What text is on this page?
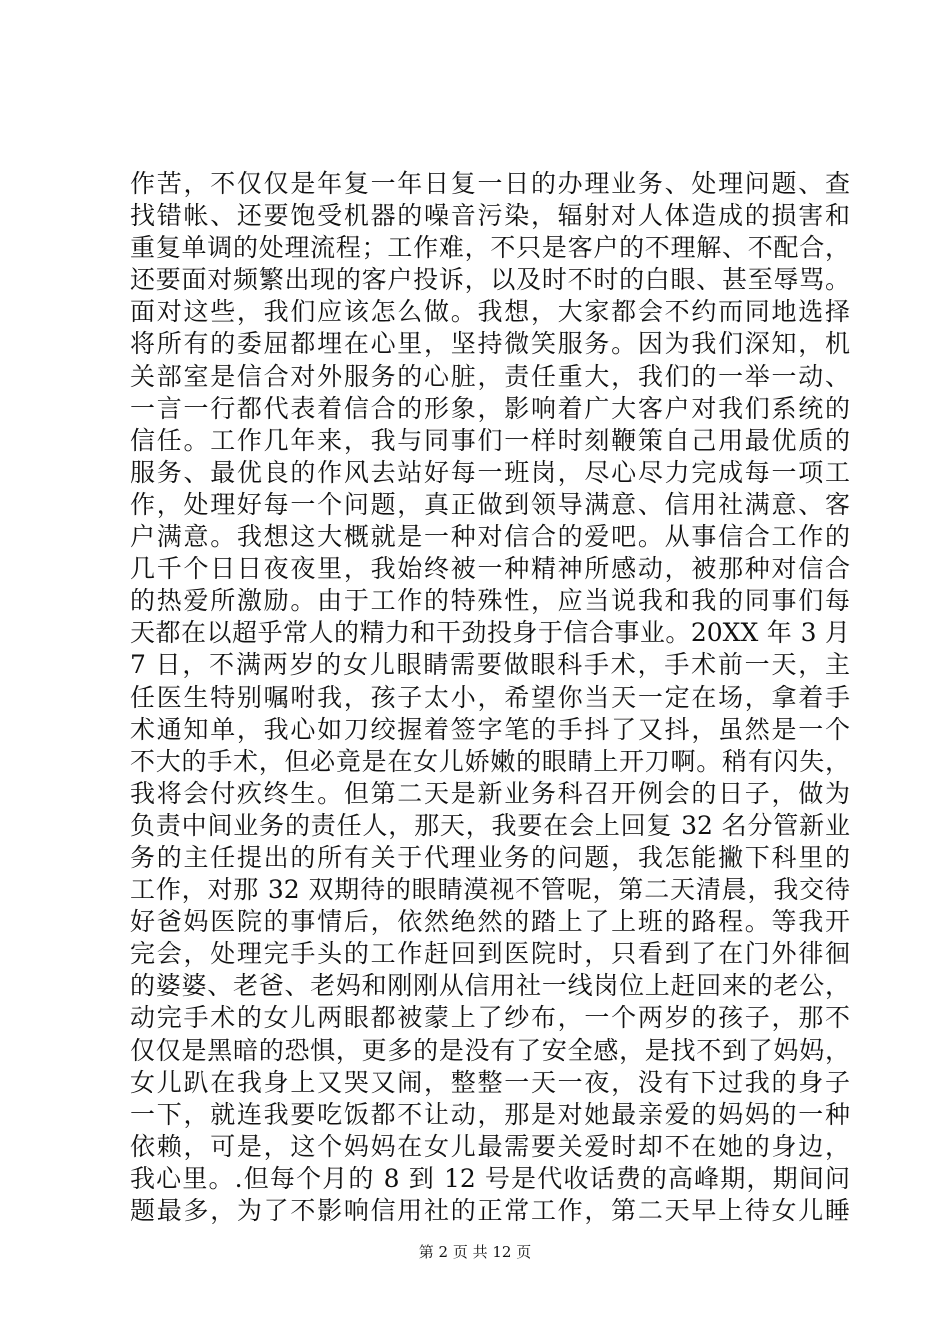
作苦，不仅仅是年复一年日复一日的办理业务、处理问题、查
找错帐、还要饱受机器的噪音污染，辐射对人体造成的损害和
重复单调的处理流程；工作难，不只是客户的不理解、不配合，
还要面对频繁出现的客户投诉，以及时不时的白眼、甚至辱骂。
面对这些，我们应该怎么做。我想，大家都会不约而同地选择
将所有的委屈都埋在心里，坚持微笑服务。因为我们深知，机
关部室是信合对外服务的心脏，责任重大，我们的一举一动、
一言一行都代表着信合的形象，影响着广大客户对我们系统的
信任。工作几年来，我与同事们一样时刻鞭策自己用最优质的
服务、最优良的作风去站好每一班岗，尽心尽力完成每一项工
作，处理好每一个问题，真正做到领导满意、信用社满意、客
户满意。我想这大概就是一种对信合的爱吧。从事信合工作的
几千个日日夜夜里，我始终被一种精神所感动，被那种对信合
的热爱所激励。由于工作的特殊性，应当说我和我的同事们每
天都在以超乎常人的精力和干劲投身于信合事业。20XX 年 3 月
7 日，不满两岁的女儿眼睛需要做眼科手术，手术前一天，主
任医生特别嘱咐我，孩子太小，希望你当天一定在场，拿着手
术通知单，我心如刀绞握着签字笔的手抖了又抖，虽然是一个
不大的手术，但必竟是在女儿娇嫩的眼睛上开刀啊。稍有闪失，
我将会付疚终生。但第二天是新业务科召开例会的日子，做为
负责中间业务的责任人，那天，我要在会上回复 32 名分管新业
务的主任提出的所有关于代理业务的问题，我怎能撇下科里的
工作，对那 32 双期待的眼睛漠视不管呢，第二天清晨，我交待
好爸妈医院的事情后，依然绝然的踏上了上班的路程。等我开
完会，处理完手头的工作赶回到医院时，只看到了在门外徘徊
的婆婆、老爸、老妈和刚刚从信用社一线岗位上赶回来的老公，
动完手术的女儿两眼都被蒙上了纱布，一个两岁的孩子，那不
仅仅是黑暗的恐惧，更多的是没有了安全感，是找不到了妈妈，
女儿趴在我身上又哭又闹，整整一天一夜，没有下过我的身子
一下，就连我要吃饭都不让动，那是对她最亲爱的妈妈的一种
依赖，可是，这个妈妈在女儿最需要关爱时却不在她的身边，
我心里。.但每个月的 8 到 12 号是代收话费的高峰期，期间问
题最多，为了不影响信用社的正常工作，第二天早上待女儿睡
第 2 页 共 12 页
